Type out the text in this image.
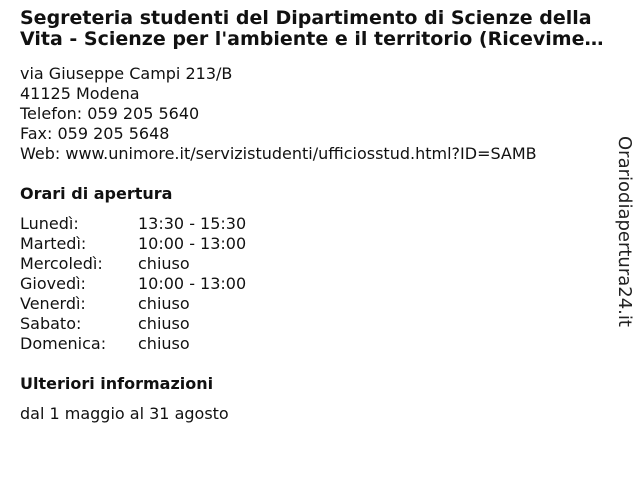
Segreteria studenti del Dipartimento di Scienze della
Vita - Scienze per l'ambiente e il territorio (Ricevime…
via Giuseppe Campi 213/B
41125 Modena
Telefon: 059 205 5640
Fax: 059 205 5648
Web: www.unimore.it/servizistudenti/ufficiosstud.html?ID=SAMB
Orari di apertura
Lunedì:	13:30 - 15:30
Martedì:	10:00 - 13:00
Mercoledì: chiuso
Giovedì:	10:00 - 13:00
Venerdì:	chiuso
Sabato:	chiuso
Domenica: chiuso
Ulteriori informazioni
dal 1 maggio al 31 agosto
Orariodiapertura24.it
